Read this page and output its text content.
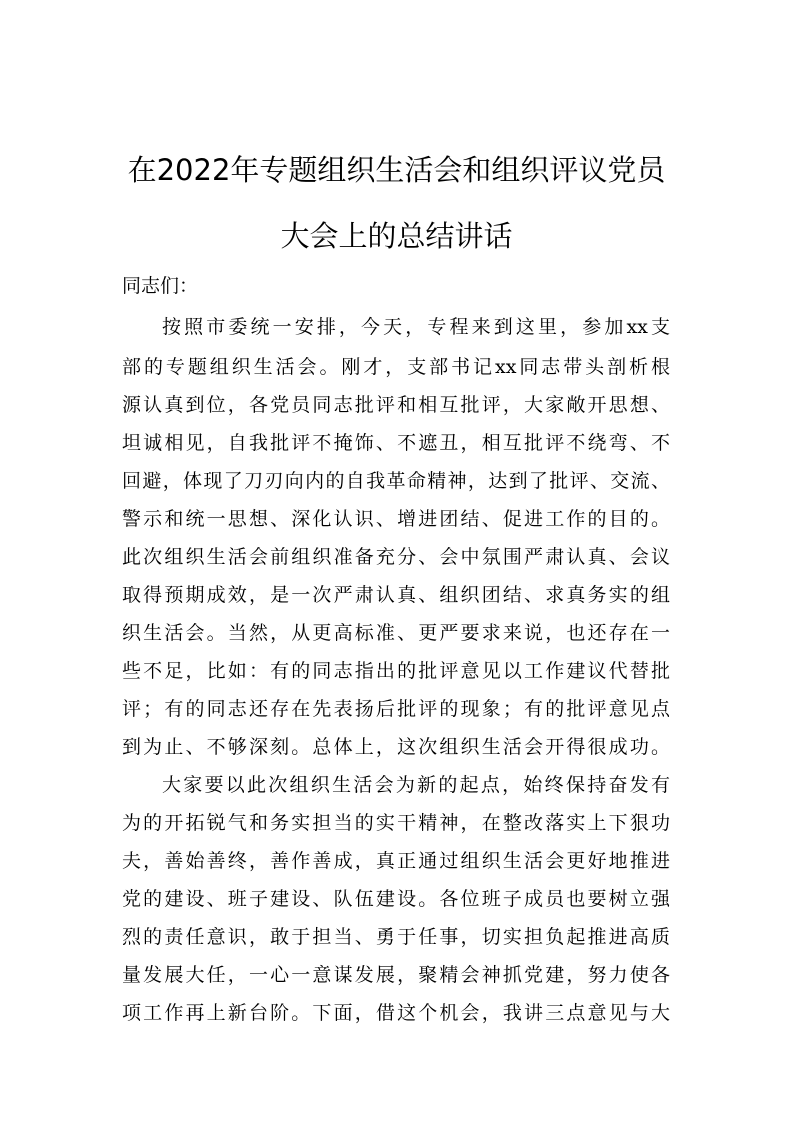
在2022年专题组织生活会和组织评议党员
大会上的总结讲话
同志们：
按照市委统一安排，今天，专程来到这里，参加xx支
部的专题组织生活会。刚才，支部书记xx同志带头剖析根
源认真到位，各党员同志批评和相互批评，大家敞开思想、
坦诚相见，自我批评不掩饰、不遮丑，相互批评不绕弯、不
回避，体现了刀刃向内的自我革命精神，达到了批评、交流、
警示和统一思想、深化认识、增进团结、促进工作的目的。
此次组织生活会前组织准备充分、会中氛围严肃认真、会议
取得预期成效，是一次严肃认真、组织团结、求真务实的组
织生活会。当然，从更高标准、更严要求来说，也还存在一
些不足，比如：有的同志指出的批评意见以工作建议代替批
评；有的同志还存在先表扬后批评的现象；有的批评意见点
到为止、不够深刻。总体上，这次组织生活会开得很成功。
大家要以此次组织生活会为新的起点，始终保持奋发有
为的开拓锐气和务实担当的实干精神，在整改落实上下狠功
夫，善始善终，善作善成，真正通过组织生活会更好地推进
党的建设、班子建设、队伍建设。各位班子成员也要树立强
烈的责任意识，敢于担当、勇于任事，切实担负起推进高质
量发展大任，一心一意谋发展，聚精会神抓党建，努力使各
项工作再上新台阶。下面，借这个机会，我讲三点意见与大
